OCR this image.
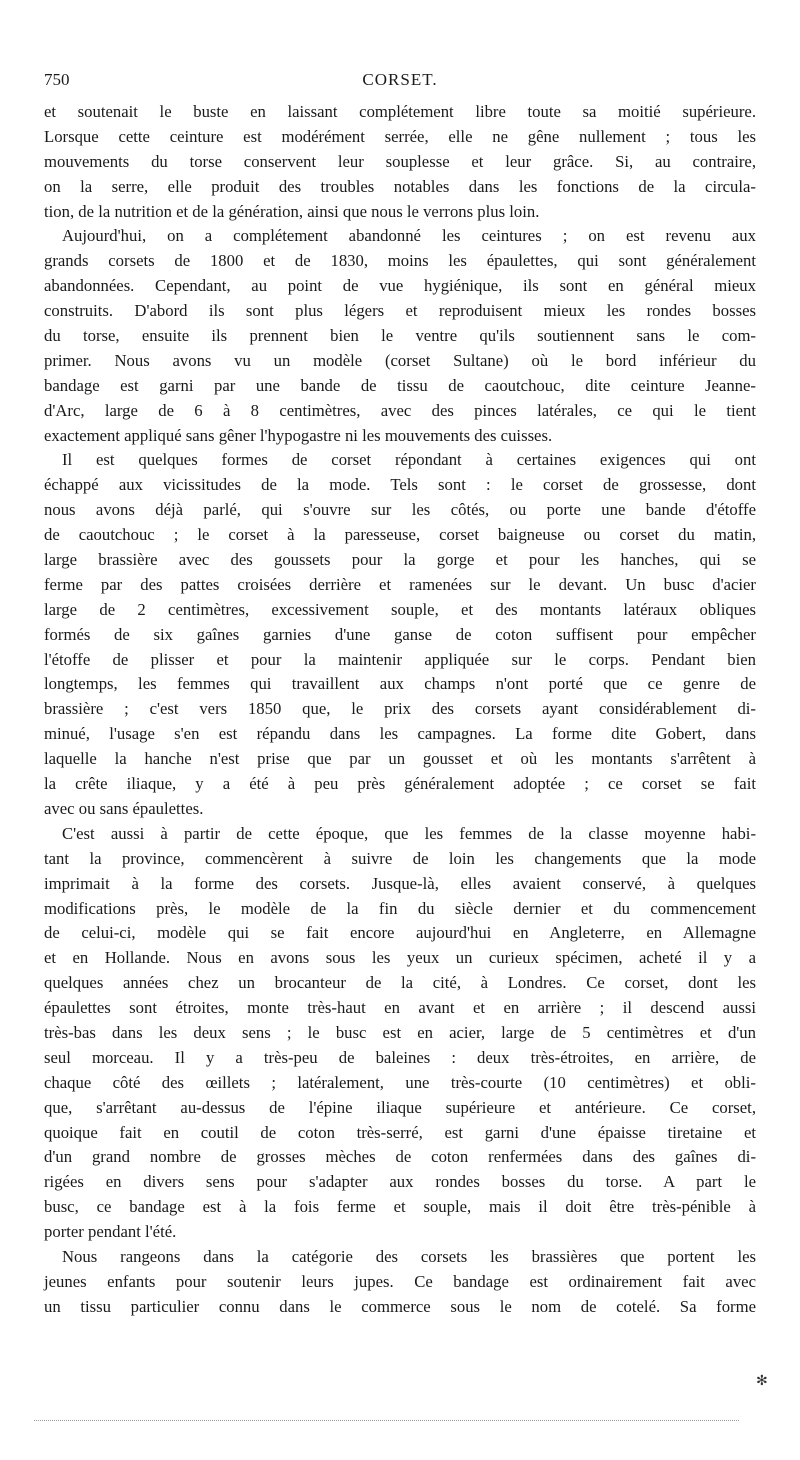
750	CORSET.
et soutenait le buste en laissant complétement libre toute sa moitié supérieure.
Lorsque cette ceinture est modérément serrée, elle ne gêne nullement ; tous les
mouvements du torse conservent leur souplesse et leur grâce. Si, au contraire,
on la serre, elle produit des troubles notables dans les fonctions de la circula-
tion, de la nutrition et de la génération, ainsi que nous le verrons plus loin.
Aujourd'hui, on a complétement abandonné les ceintures ; on est revenu aux
grands corsets de 1800 et de 1830, moins les épaulettes, qui sont généralement
abandonnées. Cependant, au point de vue hygiénique, ils sont en général mieux
construits. D'abord ils sont plus légers et reproduisent mieux les rondes bosses
du torse, ensuite ils prennent bien le ventre qu'ils soutiennent sans le com-
primer. Nous avons vu un modèle (corset Sultane) où le bord inférieur du
bandage est garni par une bande de tissu de caoutchouc, dite ceinture Jeanne-
d'Arc, large de 6 à 8 centimètres, avec des pinces latérales, ce qui le tient
exactement appliqué sans gêner l'hypogastre ni les mouvements des cuisses.
Il est quelques formes de corset répondant à certaines exigences qui ont
échappé aux vicissitudes de la mode. Tels sont : le corset de grossesse, dont
nous avons déjà parlé, qui s'ouvre sur les côtés, ou porte une bande d'étoffe
de caoutchouc ; le corset à la paresseuse, corset baigneuse ou corset du matin,
large brassière avec des goussets pour la gorge et pour les hanches, qui se
ferme par des pattes croisées derrière et ramenées sur le devant. Un busc d'acier
large de 2 centimètres, excessivement souple, et des montants latéraux obliques
formés de six gaînes garnies d'une ganse de coton suffisent pour empêcher
l'étoffe de plisser et pour la maintenir appliquée sur le corps. Pendant bien
longtemps, les femmes qui travaillent aux champs n'ont porté que ce genre de
brassière ; c'est vers 1850 que, le prix des corsets ayant considérablement di-
minué, l'usage s'en est répandu dans les campagnes. La forme dite Gobert, dans
laquelle la hanche n'est prise que par un gousset et où les montants s'arrêtent à
la crête iliaque, y a été à peu près généralement adoptée ; ce corset se fait
avec ou sans épaulettes.
C'est aussi à partir de cette époque, que les femmes de la classe moyenne habi-
tant la province, commencèrent à suivre de loin les changements que la mode
imprimait à la forme des corsets. Jusque-là, elles avaient conservé, à quelques
modifications près, le modèle de la fin du siècle dernier et du commencement
de celui-ci, modèle qui se fait encore aujourd'hui en Angleterre, en Allemagne
et en Hollande. Nous en avons sous les yeux un curieux spécimen, acheté il y a
quelques années chez un brocanteur de la cité, à Londres. Ce corset, dont les
épaulettes sont étroites, monte très-haut en avant et en arrière ; il descend aussi
très-bas dans les deux sens ; le busc est en acier, large de 5 centimètres et d'un
seul morceau. Il y a très-peu de baleines : deux très-étroites, en arrière, de
chaque côté des œillets ; latéralement, une très-courte (10 centimètres) et obli-
que, s'arrêtant au-dessus de l'épine iliaque supérieure et antérieure. Ce corset,
quoique fait en coutil de coton très-serré, est garni d'une épaisse tiretaine et
d'un grand nombre de grosses mèches de coton renfermées dans des gaînes di-
rigées en divers sens pour s'adapter aux rondes bosses du torse. A part le
busc, ce bandage est à la fois ferme et souple, mais il doit être très-pénible à
porter pendant l'été.
Nous rangeons dans la catégorie des corsets les brassières que portent les
jeunes enfants pour soutenir leurs jupes. Ce bandage est ordinairement fait avec
un tissu particulier connu dans le commerce sous le nom de cotelé. Sa forme
✻
